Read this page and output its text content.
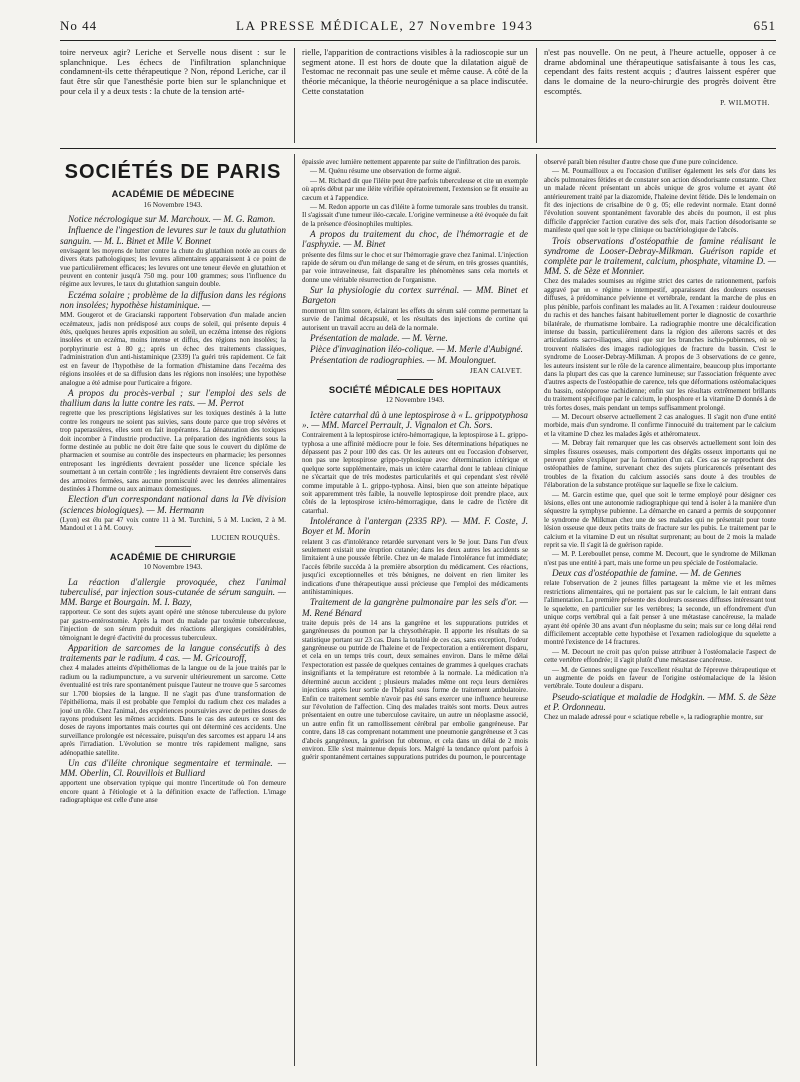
No 44	LA PRESSE MÉDICALE, 27 Novembre 1943	651

toire nerveux agir? Leriche et Servelle nous disent : sur le splanchnique. Les échecs de l'infiltration splanchnique condamnent-ils cette thérapeutique ? Non, répond Leriche, car il faut être sûr que l'anesthésie porte bien sur le splanchnique et pour cela il y a deux tests : la chute de la tension arté-

rielle, l'apparition de contractions visibles à la radioscopie sur un segment atone. Il est hors de doute que la dilatation aiguë de l'estomac ne reconnait pas une seule et même cause. A côté de la théorie mécanique, la théorie neurogénique a sa place indiscutée. Cette constatation

n'est pas nouvelle. On ne peut, à l'heure actuelle, opposer à ce drame abdominal une thérapeutique satisfaisante à tous les cas, cependant des faits restent acquis ; d'autres laissent espérer que dans le domaine de la neuro-chirurgie des progrès doivent être escomptés.

P. WILMOTH.
SOCIÉTÉS DE PARIS
ACADÉMIE DE MÉDECINE
16 Novembre 1943.

Notice nécrologique sur M. Marchoux. — M. G. Ramon.

Influence de l'ingestion de levures sur le taux du glutathion sanguin. — M. L. Binet et Mlle V. Bonnet

envisagent les moyens de lutter contre la chute du glutathion notée au cours de divers états pathologiques; les levures alimentaires apparaissent à ce point de vue particulièrement efficaces; les levures ont une teneur élevée en glutathion et peuvent en contenir jusqu'à 750 mg. pour 100 grammes; sous l'influence du régime aux levures, le taux du glutathion sanguin double.

Eczéma solaire ; problème de la diffusion dans les régions non insolées; hypothèse histaminique. —

MM. Gougerot et de Gracianski rapportent l'observation d'un malade ancien eczémateux, jadis non prédisposé aux coups de soleil, qui présente depuis 4 étés, quelques heures après exposition au soleil, un eczéma intense des régions insolées et un eczéma, moins intense et diffus, des régions non insolées; la porphyrinurie est à 80 g.; après un échec des traitements classiques, l'administration d'un anti-histaminique (2339) l'a guéri très rapidement. Ce fait est en faveur de l'hypothèse de la formation d'histamine dans l'eczéma des régions insolées et de sa diffusion dans les régions non insolées; une hypothèse analogue a été admise pour l'urticaire a frigore.

A propos du procès-verbal ; sur l'emploi des sels de thallium dans la lutte contre les rats. — M. Perrot

regrette que les prescriptions législatives sur les toxiques destinés à la lutte contre les rongeurs ne soient pas suivies, sans doute parce que trop sévères et trop paperassières, elles sont en fait inopérantes. La dénaturation des toxiques doit incomber à l'industrie productive. La préparation des ingrédients sous la forme destinée au public ne doit être faite que sous le couvert du diplôme de pharmacien et soumise au contrôle des inspecteurs en pharmacie; les personnes entreposant les ingrédients devraient posséder une licence spéciale les soumettant à un certain contrôle ; les ingrédients devraient être conservés dans des armoires fermées, sans aucune promiscuité avec les denrées alimentaires destinées à l'homme ou aux animaux domestiques.

Election d'un correspondant national dans la IVe division (sciences biologiques). — M. Hermann

(Lyon) est élu par 47 voix contre 11 à M. Turchini, 5 à M. Lucien, 2 à M. Mandoul et 1 à M. Couvy.

LUCIEN ROUQUÈS.
ACADÉMIE DE CHIRURGIE
10 Novembre 1943.

La réaction d'allergie provoquée, chez l'animal tuberculisé, par injection sous-cutanée de sérum sanguin. — MM. Barge et Bourgain. M. I. Bazy,

rapporteur. Ce sont des sujets ayant opéré une sténose tuberculeuse du pylore par gastro-entérostomie. Après la mort du malade par toxémie tuberculeuse, l'injection de son sérum produit des réactions allergiques considérables, témoignant le degré d'activité du processus tuberculeux.

Apparition de sarcomes de la langue consécutifs à des traitements par le radium. 4 cas. — M. Gricouroff,

chez 4 malades atteints d'épithéliomas de la langue ou de la joue traités par le radium ou la radiumpuncture, a vu survenir ultérieurement un sarcome. Cette éventualité est très rare spontanément puisque l'auteur ne trouve que 5 sarcomes sur 1.700 biopsies de la langue. Il ne s'agit pas d'une transformation de l'épithélioma, mais il est probable que l'emploi du radium chez ces malades a joué un rôle. Chez l'animal, des expériences poursuivies avec de petites doses de rayons produisent les mêmes accidents. Dans le cas des auteurs ce sont des doses de rayons importantes mais courtes qui ont déterminé ces accidents. Une surveillance prolongée est nécessaire, puisqu'un des sarcomes est apparu 14 ans après l'irradiation. L'évolution se montre très rapidement maligne, sans adénopathie satellite.

Un cas d'iléite chronique segmentaire et terminale. — MM. Oberlin, Cl. Rouvillois et Bulliard

apportent une observation typique qui montre l'incertitude où l'on demeure encore quant à l'étiologie et à la définition exacte de l'affection. L'image radiographique est celle d'une anse

épaissie avec lumière nettement apparente par suite de l'infiltration des parois.

— M. Quénu résume une observation de forme aiguë.

— M. Richard dit que l'iléite peut être parfois tuberculeuse et cite un exemple où après début par une iléite vérifiée opératoirement, l'extension se fit ensuite au cæcum et à l'appendice.

— M. Redon apporte un cas d'iléite à forme tumorale sans troubles du transit. Il s'agissait d'une tumeur iléo-cæcale. L'origine vermineuse a été évoquée du fait de la présence d'éosinophiles multiples.

A propos du traitement du choc, de l'hémorragie et de l'asphyxie. — M. Binet

présente des films sur le choc et sur l'hémorragie grave chez l'animal. L'injection rapide de sérum ou d'un mélange de sang et de sérum, en très grosses quantités, par voie intraveineuse, fait disparaître les phénomènes sans cela mortels et donne une véritable résurrection de l'organisme.

Sur la physiologie du cortex surrénal. — MM. Binet et Bargeton

montrent un film sonore, éclairant les effets du sérum salé comme permettant la survie de l'animal décapsulé, et les résultats des injections de cortine qui autorisent un travail accru au delà de la normale.

Présentation de malade. — M. Verne.

Pièce d'invagination iléo-colique. — M. Merle d'Aubigné.

Présentation de radiographies. — M. Moulonguet.

JEAN CALVET.
SOCIÉTÉ MÉDICALE DES HOPITAUX
12 Novembre 1943.

Ictère catarrhal dû à une leptospirose à « L. grippotyphosa ». — MM. Marcel Perrault, J. Vignalon et Ch. Sors.

Contrairement à la leptospirose ictéro-hémorragique, la leptospirose à L. grippo-typhosa a une affinité médiocre pour le foie. Ses déterminations hépatiques ne dépassent pas 2 pour 100 des cas. Or les auteurs ont eu l'occasion d'observer, non pas une leptospirose grippo-typhosique avec détermination ictérique et quelque sorte supplémentaire, mais un ictère catarrhal dont le tableau clinique ne s'écartait que de très modestes particularités et qui cependant s'est révélé comme imputable à L. grippo-typhosa. Ainsi, bien que son atteinte hépatique soit apparemment très faible, la nouvelle leptospirose doit prendre place, aux côtés de la leptospirose ictéro-hémorragique, dans le cadre de l'ictère dit catarrhal.

Intolérance à l'antergan (2335 RP). — MM. F. Coste, J. Boyer et M. Morin

relatent 3 cas d'intolérance retardée survenant vers le 9e jour. Dans l'un d'eux seulement existait une éruption cutanée; dans les deux autres les accidents se limitaient à une poussée fébrile. Chez un 4e malade l'intolérance fut immédiate; l'accès fébrile succéda à la première absorption du médicament. Ces réactions, jusqu'ici exceptionnelles et très bénignes, ne doivent en rien limiter les indications d'une thérapeutique aussi précieuse que l'emploi des médicaments antihistaminiques.

Traitement de la gangrène pulmonaire par les sels d'or. — M. René Bénard

traite depuis près de 14 ans la gangrène et les suppurations putrides et gangréneuses du poumon par la chrysothérapie. Il apporte les résultats de sa statistique portant sur 23 cas. Dans la totalité de ces cas, sans exception, l'odeur gangréneuse ou putride de l'haleine et de l'expectoration a entièrement disparu, et cela en un temps très court, deux semaines environ. Dans le même délai l'expectoration est passée de quelques centaines de grammes à quelques crachats insignifiants et la température est retombée à la normale. La médication n'a déterminé aucun accident ; plusieurs malades même ont reçu leurs dernières injections après leur sortie de l'hôpital sous forme de traitement ambulatoire. Enfin ce traitement semble n'avoir pas été sans exercer une influence heureuse sur l'évolution de l'affection. Cinq des malades traités sont morts. Deux autres présentaient en outre une tuberculose cavitaire, un autre un néoplasme associé, un autre enfin fit un ramollissement cérébral par embolie gangréneuse. Par contre, dans 18 cas comprenant notamment une pneumonie gangréneuse et 3 cas d'abcès gangréneux, la guérison fut obtenue, et cela dans un délai de 2 mois environ. Elle s'est maintenue depuis lors. Malgré la tendance qu'ont parfois à guérir spontanément certaines suppurations putrides du poumon, le pourcentage

observé paraît bien résulter d'autre chose que d'une pure coïncidence.

— M. Poumailloux a eu l'occasion d'utiliser également les sels d'or dans les abcès pulmonaires fétides et de constater son action désodorisante constante. Chez un malade récent présentant un abcès unique de gros volume et ayant été antérieurement traité par la diazomide, l'haleine devint fétide. Dès le lendemain on fit des injections de crisalbine de 0 g. 05; elle redevint normale. Etant donné l'évolution souvent spontanément favorable des abcès du poumon, il est plus difficile d'apprécier l'action curative des sels d'or, mais l'action désodorisante se manifeste quel que soit le type clinique ou bactériologique de l'abcès.

Trois observations d'ostéopathie de famine réalisant le syndrome de Looser-Debray-Milkman. Guérison rapide et complète par le traitement, calcium, phosphate, vitamine D. — MM. S. de Sèze et Monnier.

Chez des malades soumises au régime strict des cartes de rationnement, parfois aggravé par un « régime » intempestif, apparaissent des douleurs osseuses diffuses, à prédominance pelvienne et vertébrale, rendant la marche de plus en plus pénible, parfois confinant les malades au lit. A l'examen : raideur douloureuse du rachis et des hanches faisant habituellement porter le diagnostic de coxarthrie bilatérale, de rhumatisme lombaire. La radiographie montre une décalcification intense du bassin, particulièrement dans la région des ailerons sacrés et des articulations sacro-iliaques, ainsi que sur les branches ischio-pubiennes, où se trouvent réalisées des images radiologiques de fracture du bassin. C'est le syndrome de Looser-Debray-Milkman. A propos de 3 observations de ce genre, les auteurs insistent sur le rôle de la carence alimentaire, beaucoup plus importante dans la plupart des cas que la carence lumineuse; sur l'association fréquente avec d'autres aspects de l'ostéopathie de carence, tels que déformations ostéomalaciques du bassin, ostéoporose rachidienne; enfin sur les résultats extrêmement brillants du traitement spécifique par le calcium, le phosphore et la vitamine D donnés à de très fortes doses, mais pendant un temps suffisamment prolongé.

— M. Decourt observe actuellement 2 cas analogues. Il s'agit non d'une entité morbide, mais d'un syndrome. Il confirme l'innocuité du traitement par le calcium et la vitamine D chez les malades âgés et athéromateux.

— M. Debray fait remarquer que les cas observés actuellement sont loin des simples fissures osseuses, mais comportent des dégâts osseux importants qui ne peuvent guère s'expliquer par la formation d'un cal. Ces cas se rapprochent des ostéopathies de famine, survenant chez des sujets pluricarencés présentant des troubles de la fixation du calcium associés sans doute à des troubles de l'élaboration de la substance protéique sur laquelle se fixe le calcium.

— M. Garcin estime que, quel que soit le terme employé pour désigner ces lésions, elles ont une autonomie radiographique qui tend à isoler à la manière d'un séquestre la symphyse pubienne. La démarche en canard a permis de soupçonner le syndrome de Milkman chez une de ses malades qui ne présentait pour toute lésion osseuse que deux petits traits de fracture sur les pubis. Le traitement par le calcium et la vitamine D eut un résultat surprenant; au bout de 2 mois la malade reprit sa vie. Il s'agit là de guérison rapide.

— M. P. Lereboullet pense, comme M. Decourt, que le syndrome de Milkman n'est pas une entité à part, mais une forme un peu spéciale de l'ostéomalacie.

Deux cas d'ostéopathie de famine. — M. de Gennes

relate l'observation de 2 jeunes filles partageant la même vie et les mêmes restrictions alimentaires, qui ne portaient pas sur le calcium, le lait entrant dans l'alimentation. La première présente des douleurs osseuses diffuses intéressant tout le squelette, en particulier sur les vertèbres; la seconde, un effondrement d'un unique corps vertébral qui a fait penser à une métastase cancéreuse, la malade ayant été opérée 30 ans avant d'un néoplasme du sein; mais sur ce long délai rend difficilement acceptable cette hypothèse et l'examen radiologique du squelette a montré l'existence de 14 fractures.

— M. Decourt ne croit pas qu'on puisse attribuer à l'ostéomalacie l'aspect de cette vertèbre effondrée; il s'agit plutôt d'une métastase cancéreuse.

— M. de Gennes souligne que l'excellent résultat de l'épreuve thérapeutique et un augmente de poids en faveur de l'origine ostéomalacique de la lésion vertébrale. Toute douleur a disparu.

Pseudo-sciatique et maladie de Hodgkin. — MM. S. de Sèze et P. Ordonneau.

Chez un malade adressé pour « sciatique rebelle », la radiographie montre, sur
